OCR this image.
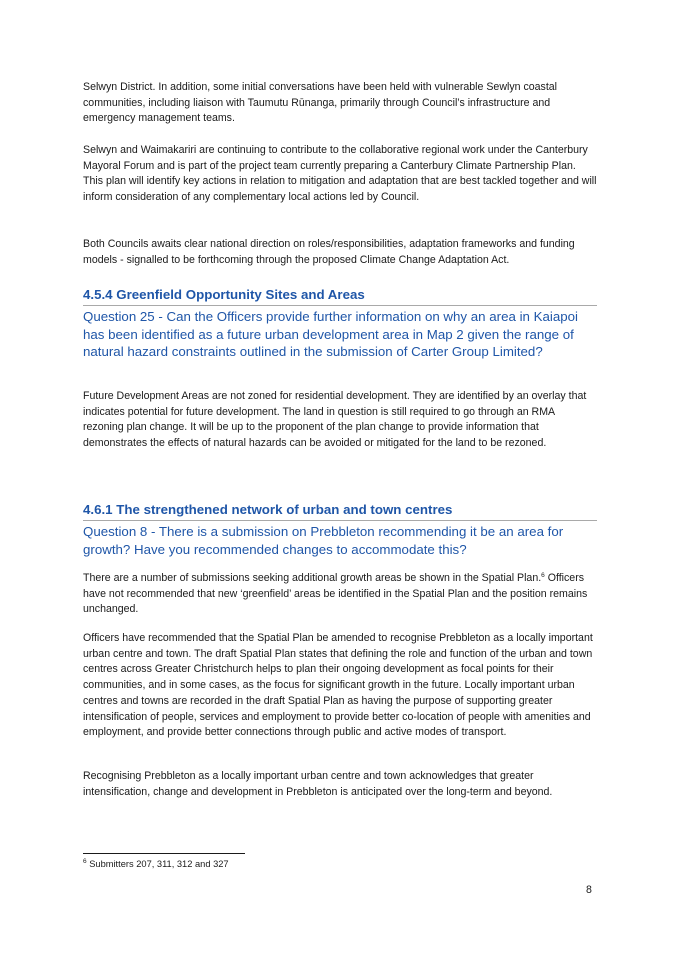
Selwyn District. In addition, some initial conversations have been held with vulnerable Sewlyn coastal communities, including liaison with Taumutu Rūnanga, primarily through Council’s infrastructure and emergency management teams.

Selwyn and Waimakariri are continuing to contribute to the collaborative regional work under the Canterbury Mayoral Forum and is part of the project team currently preparing a Canterbury Climate Partnership Plan. This plan will identify key actions in relation to mitigation and adaptation that are best tackled together and will inform consideration of any complementary local actions led by Council.

Both Councils awaits clear national direction on roles/responsibilities, adaptation frameworks and funding models - signalled to be forthcoming through the proposed Climate Change Adaptation Act.

4.5.4 Greenfield Opportunity Sites and Areas

Question 25 - Can the Officers provide further information on why an area in Kaiapoi has been identified as a future urban development area in Map 2 given the range of natural hazard constraints outlined in the submission of Carter Group Limited?

Future Development Areas are not zoned for residential development. They are identified by an overlay that indicates potential for future development. The land in question is still required to go through an RMA rezoning plan change. It will be up to the proponent of the plan change to provide information that demonstrates the effects of natural hazards can be avoided or mitigated for the land to be rezoned.

4.6.1 The strengthened network of urban and town centres

Question 8 - There is a submission on Prebbleton recommending it be an area for growth? Have you recommended changes to accommodate this?

There are a number of submissions seeking additional growth areas be shown in the Spatial Plan.$^6$ Officers have not recommended that new ‘greenfield’ areas be identified in the Spatial Plan and the position remains unchanged.

Officers have recommended that the Spatial Plan be amended to recognise Prebbleton as a locally important urban centre and town. The draft Spatial Plan states that defining the role and function of the urban and town centres across Greater Christchurch helps to plan their ongoing development as focal points for their communities, and in some cases, as the focus for significant growth in the future. Locally important urban centres and towns are recorded in the draft Spatial Plan as having the purpose of supporting greater intensification of people, services and employment to provide better co-location of people with amenities and employment, and provide better connections through public and active modes of transport.

Recognising Prebbleton as a locally important urban centre and town acknowledges that greater intensification, change and development in Prebbleton is anticipated over the long-term and beyond.

$^6$ Submitters 207, 311, 312 and 327

8
